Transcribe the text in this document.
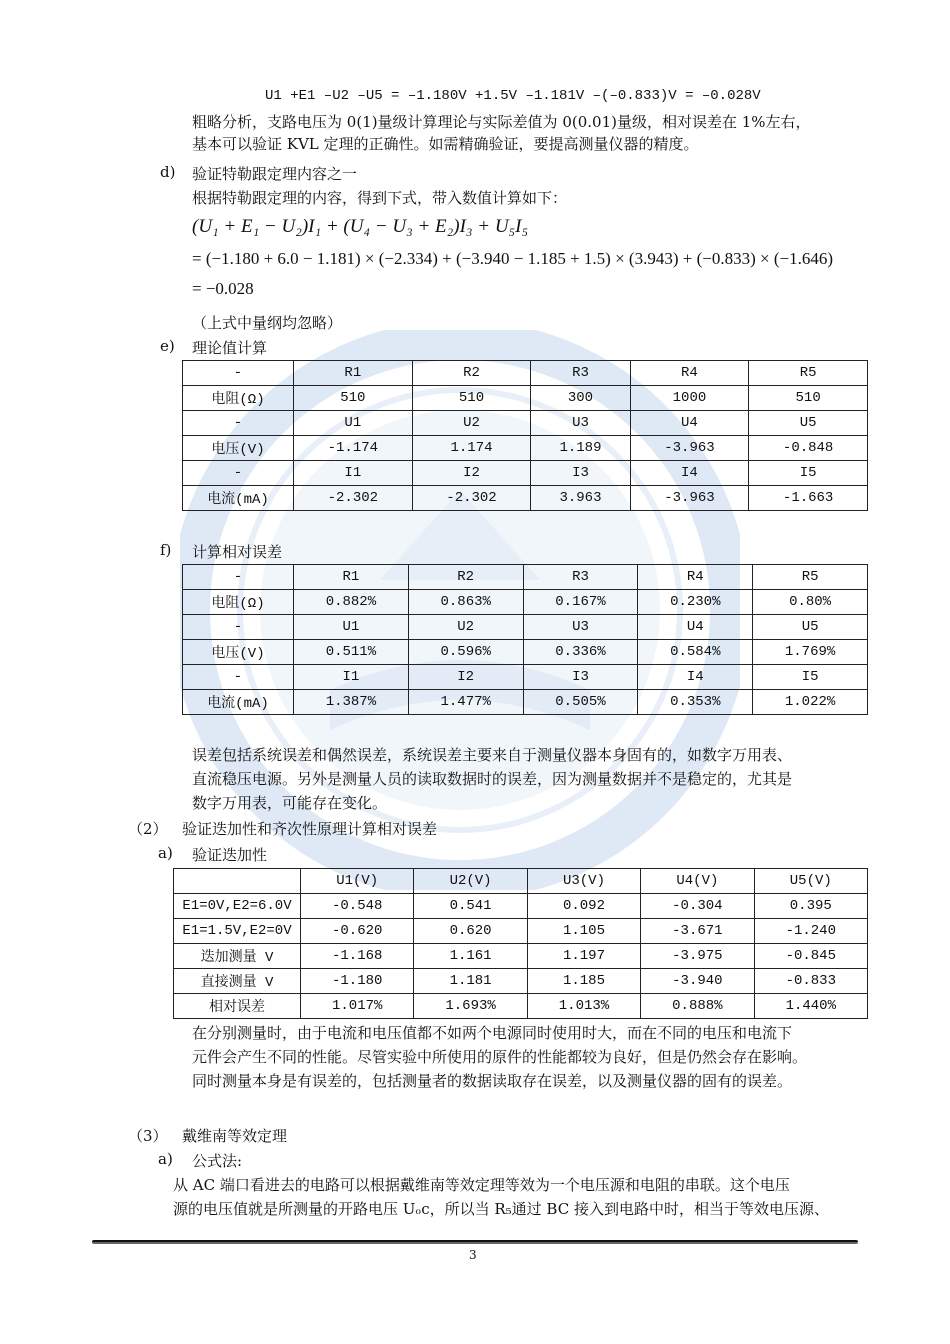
U1 +E1 –U2 –U5 = –1.180V +1.5V –1.181V –(–0.833)V = –0.028V
粗略分析，支路电压为 0(1)量级计算理论与实际差值为 0(0.01)量级，相对误差在 1%左右，
基本可以验证 KVL 定理的正确性。如需精确验证，要提高测量仪器的精度。
d) 验证特勒跟定理内容之一
根据特勒跟定理的内容，得到下式，带入数值计算如下：
(U₁ + E₁ − U₂)I₁ + (U₄ − U₃ + E₂)I₃ + U₅I₅
= (−1.180 + 6.0 − 1.181) × (−2.334) + (−3.940 − 1.185 + 1.5) × (3.943) + (−0.833) × (−1.646)
= −0.028
（上式中量纲均忽略）
e) 理论值计算
-	R1	R2	R3	R4	R5
电阻(Ω)	510	510	300	1000	510
-	U1	U2	U3	U4	U5
电压(V)	-1.174	1.174	1.189	-3.963	-0.848
-	I1	I2	I3	I4	I5
电流(mA)	-2.302	-2.302	3.963	-3.963	-1.663
f) 计算相对误差
-	R1	R2	R3	R4	R5
电阻(Ω)	0.882%	0.863%	0.167%	0.230%	0.80%
-	U1	U2	U3	U4	U5
电压(V)	0.511%	0.596%	0.336%	0.584%	1.769%
-	I1	I2	I3	I4	I5
电流(mA)	1.387%	1.477%	0.505%	0.353%	1.022%
误差包括系统误差和偶然误差，系统误差主要来自于测量仪器本身固有的，如数字万用表、
直流稳压电源。另外是测量人员的读取数据时的误差，因为测量数据并不是稳定的，尤其是
数字万用表，可能存在变化。
（2） 验证迭加性和齐次性原理计算相对误差
a) 验证迭加性
	U1(V)	U2(V)	U3(V)	U4(V)	U5(V)
E1=0V,E2=6.0V	-0.548	0.541	0.092	-0.304	0.395
E1=1.5V,E2=0V	-0.620	0.620	1.105	-3.671	-1.240
迭加测量 V	-1.168	1.161	1.197	-3.975	-0.845
直接测量 V	-1.180	1.181	1.185	-3.940	-0.833
相对误差	1.017%	1.693%	1.013%	0.888%	1.440%
在分别测量时，由于电流和电压值都不如两个电源同时使用时大，而在不同的电压和电流下
元件会产生不同的性能。尽管实验中所使用的原件的性能都较为良好，但是仍然会存在影响。
同时测量本身是有误差的，包括测量者的数据读取存在误差，以及测量仪器的固有的误差。
（3） 戴维南等效定理
a) 公式法:
从 AC 端口看进去的电路可以根据戴维南等效定理等效为一个电压源和电阻的串联。这个电压
源的电压值就是所测量的开路电压 Uₒc，所以当 R₅通过 BC 接入到电路中时，相当于等效电压源、
3
